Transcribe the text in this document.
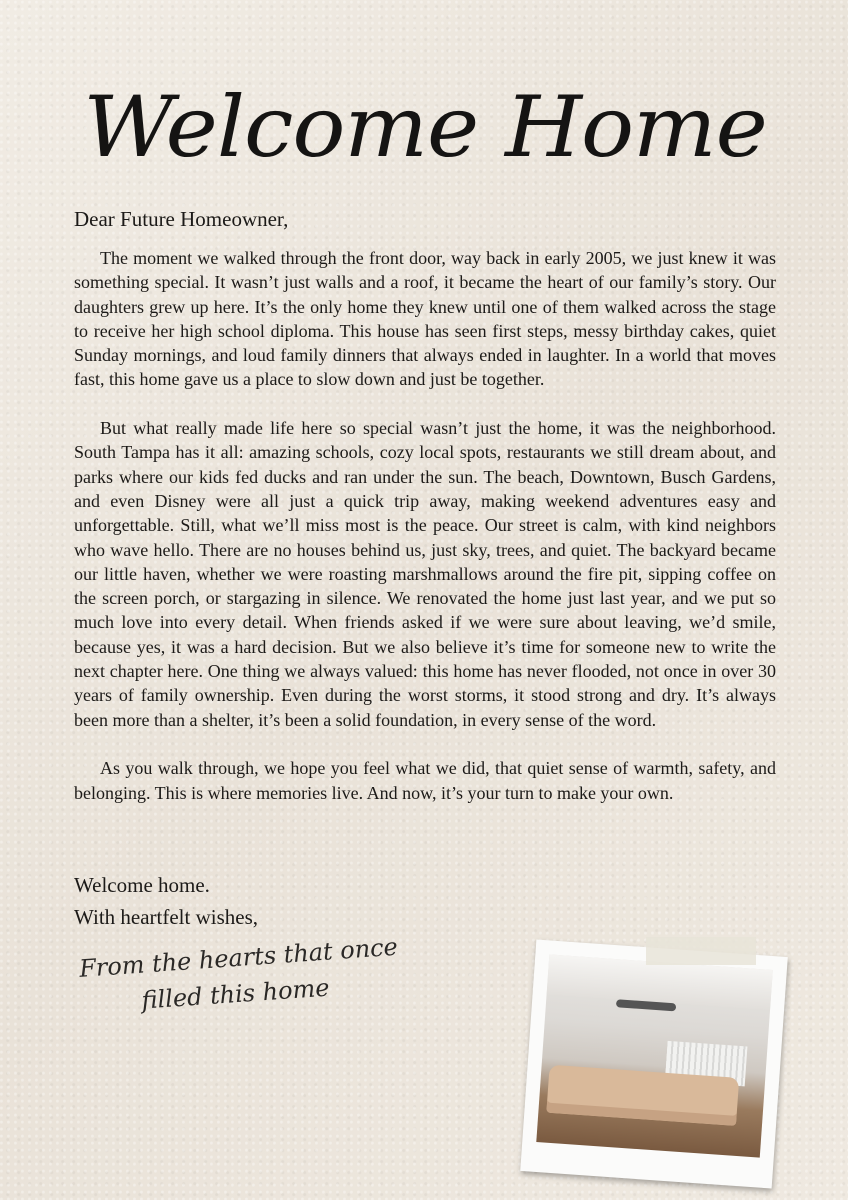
Welcome Home
Dear Future Homeowner,

The moment we walked through the front door, way back in early 2005, we just knew it was something special. It wasn’t just walls and a roof, it became the heart of our family’s story. Our daughters grew up here. It’s the only home they knew until one of them walked across the stage to receive her high school diploma. This house has seen first steps, messy birthday cakes, quiet Sunday mornings, and loud family dinners that always ended in laughter. In a world that moves fast, this home gave us a place to slow down and just be together.

But what really made life here so special wasn’t just the home, it was the neighborhood. South Tampa has it all: amazing schools, cozy local spots, restaurants we still dream about, and parks where our kids fed ducks and ran under the sun. The beach, Downtown, Busch Gardens, and even Disney were all just a quick trip away, making weekend adventures easy and unforgettable. Still, what we’ll miss most is the peace. Our street is calm, with kind neighbors who wave hello. There are no houses behind us, just sky, trees, and quiet. The backyard became our little haven, whether we were roasting marshmallows around the fire pit, sipping coffee on the screen porch, or stargazing in silence. We renovated the home just last year, and we put so much love into every detail. When friends asked if we were sure about leaving, we’d smile, because yes, it was a hard decision. But we also believe it’s time for someone new to write the next chapter here. One thing we always valued: this home has never flooded, not once in over 30 years of family ownership. Even during the worst storms, it stood strong and dry. It’s always been more than a shelter, it’s been a solid foundation, in every sense of the word.

As you walk through, we hope you feel what we did, that quiet sense of warmth, safety, and belonging. This is where memories live. And now, it’s your turn to make your own.

Welcome home.
With heartfelt wishes,
From the hearts that once
filled this home
